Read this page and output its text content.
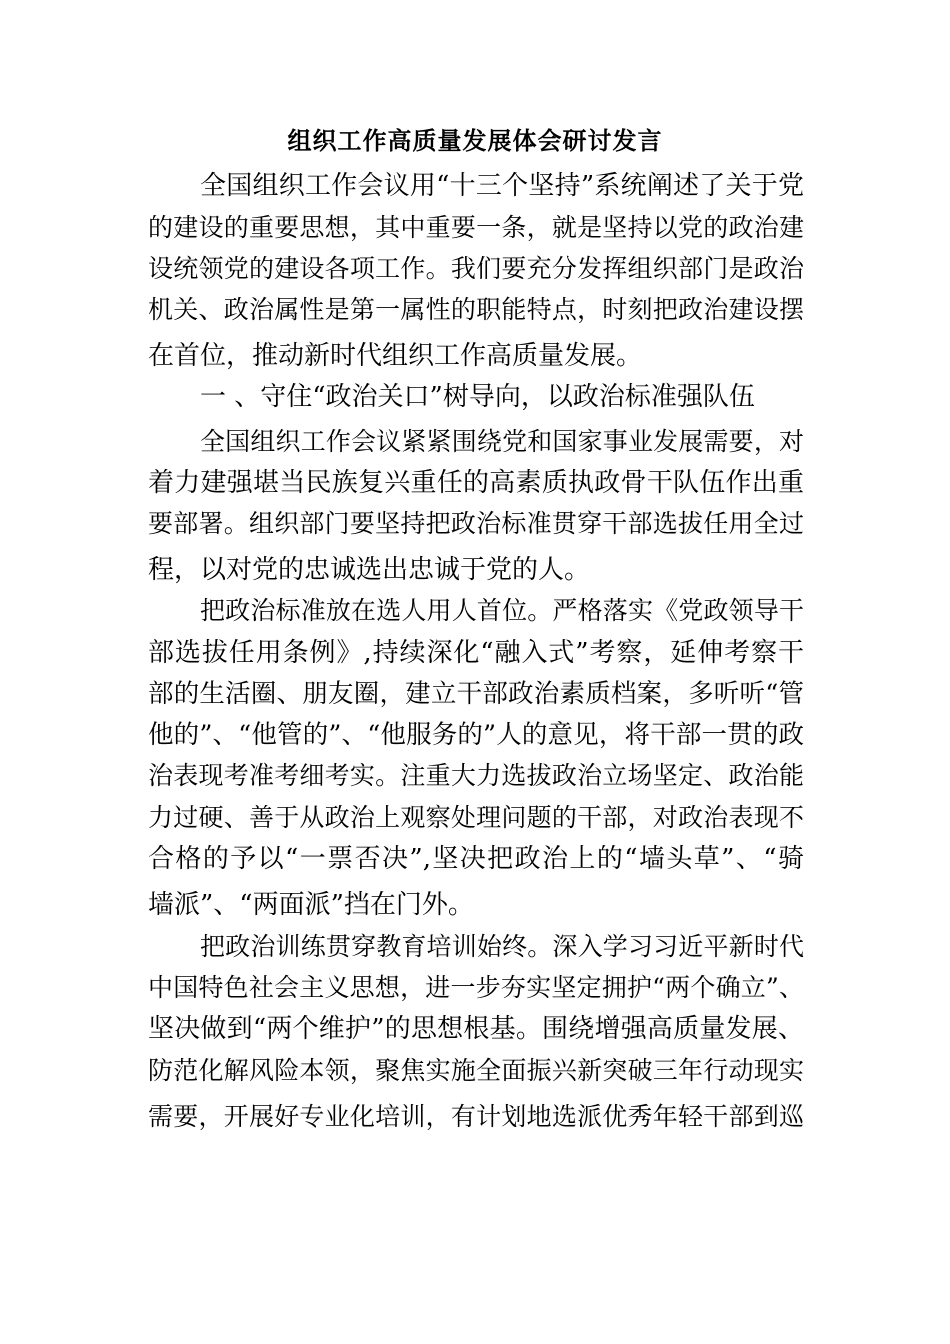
组织工作高质量发展体会研讨发言
全国组织工作会议用“十三个坚持”系统阐述了关于党
的建设的重要思想，其中重要一条，就是坚持以党的政治建
设统领党的建设各项工作。我们要充分发挥组织部门是政治
机关、政治属性是第一属性的职能特点，时刻把政治建设摆
在首位，推动新时代组织工作高质量发展。
一 、守住“政治关口”树导向，以政治标准强队伍
全国组织工作会议紧紧围绕党和国家事业发展需要，对
着力建强堪当民族复兴重任的高素质执政骨干队伍作出重
要部署。组织部门要坚持把政治标准贯穿干部选拔任用全过
程，以对党的忠诚选出忠诚于党的人。
把政治标准放在选人用人首位。严格落实《党政领导干
部选拔任用条例》,持续深化“融入式”考察，延伸考察干
部的生活圈、朋友圈，建立干部政治素质档案，多听听“管
他的”、“他管的”、“他服务的”人的意见，将干部一贯的政
治表现考准考细考实。注重大力选拔政治立场坚定、政治能
力过硬、善于从政治上观察处理问题的干部，对政治表现不
合格的予以“一票否决”,坚决把政治上的“墙头草”、“骑
墙派”、“两面派”挡在门外。
把政治训练贯穿教育培训始终。深入学习习近平新时代
中国特色社会主义思想，进一步夯实坚定拥护“两个确立”、
坚决做到“两个维护”的思想根基。围绕增强高质量发展、
防范化解风险本领，聚焦实施全面振兴新突破三年行动现实
需要，开展好专业化培训，有计划地选派优秀年轻干部到巡
